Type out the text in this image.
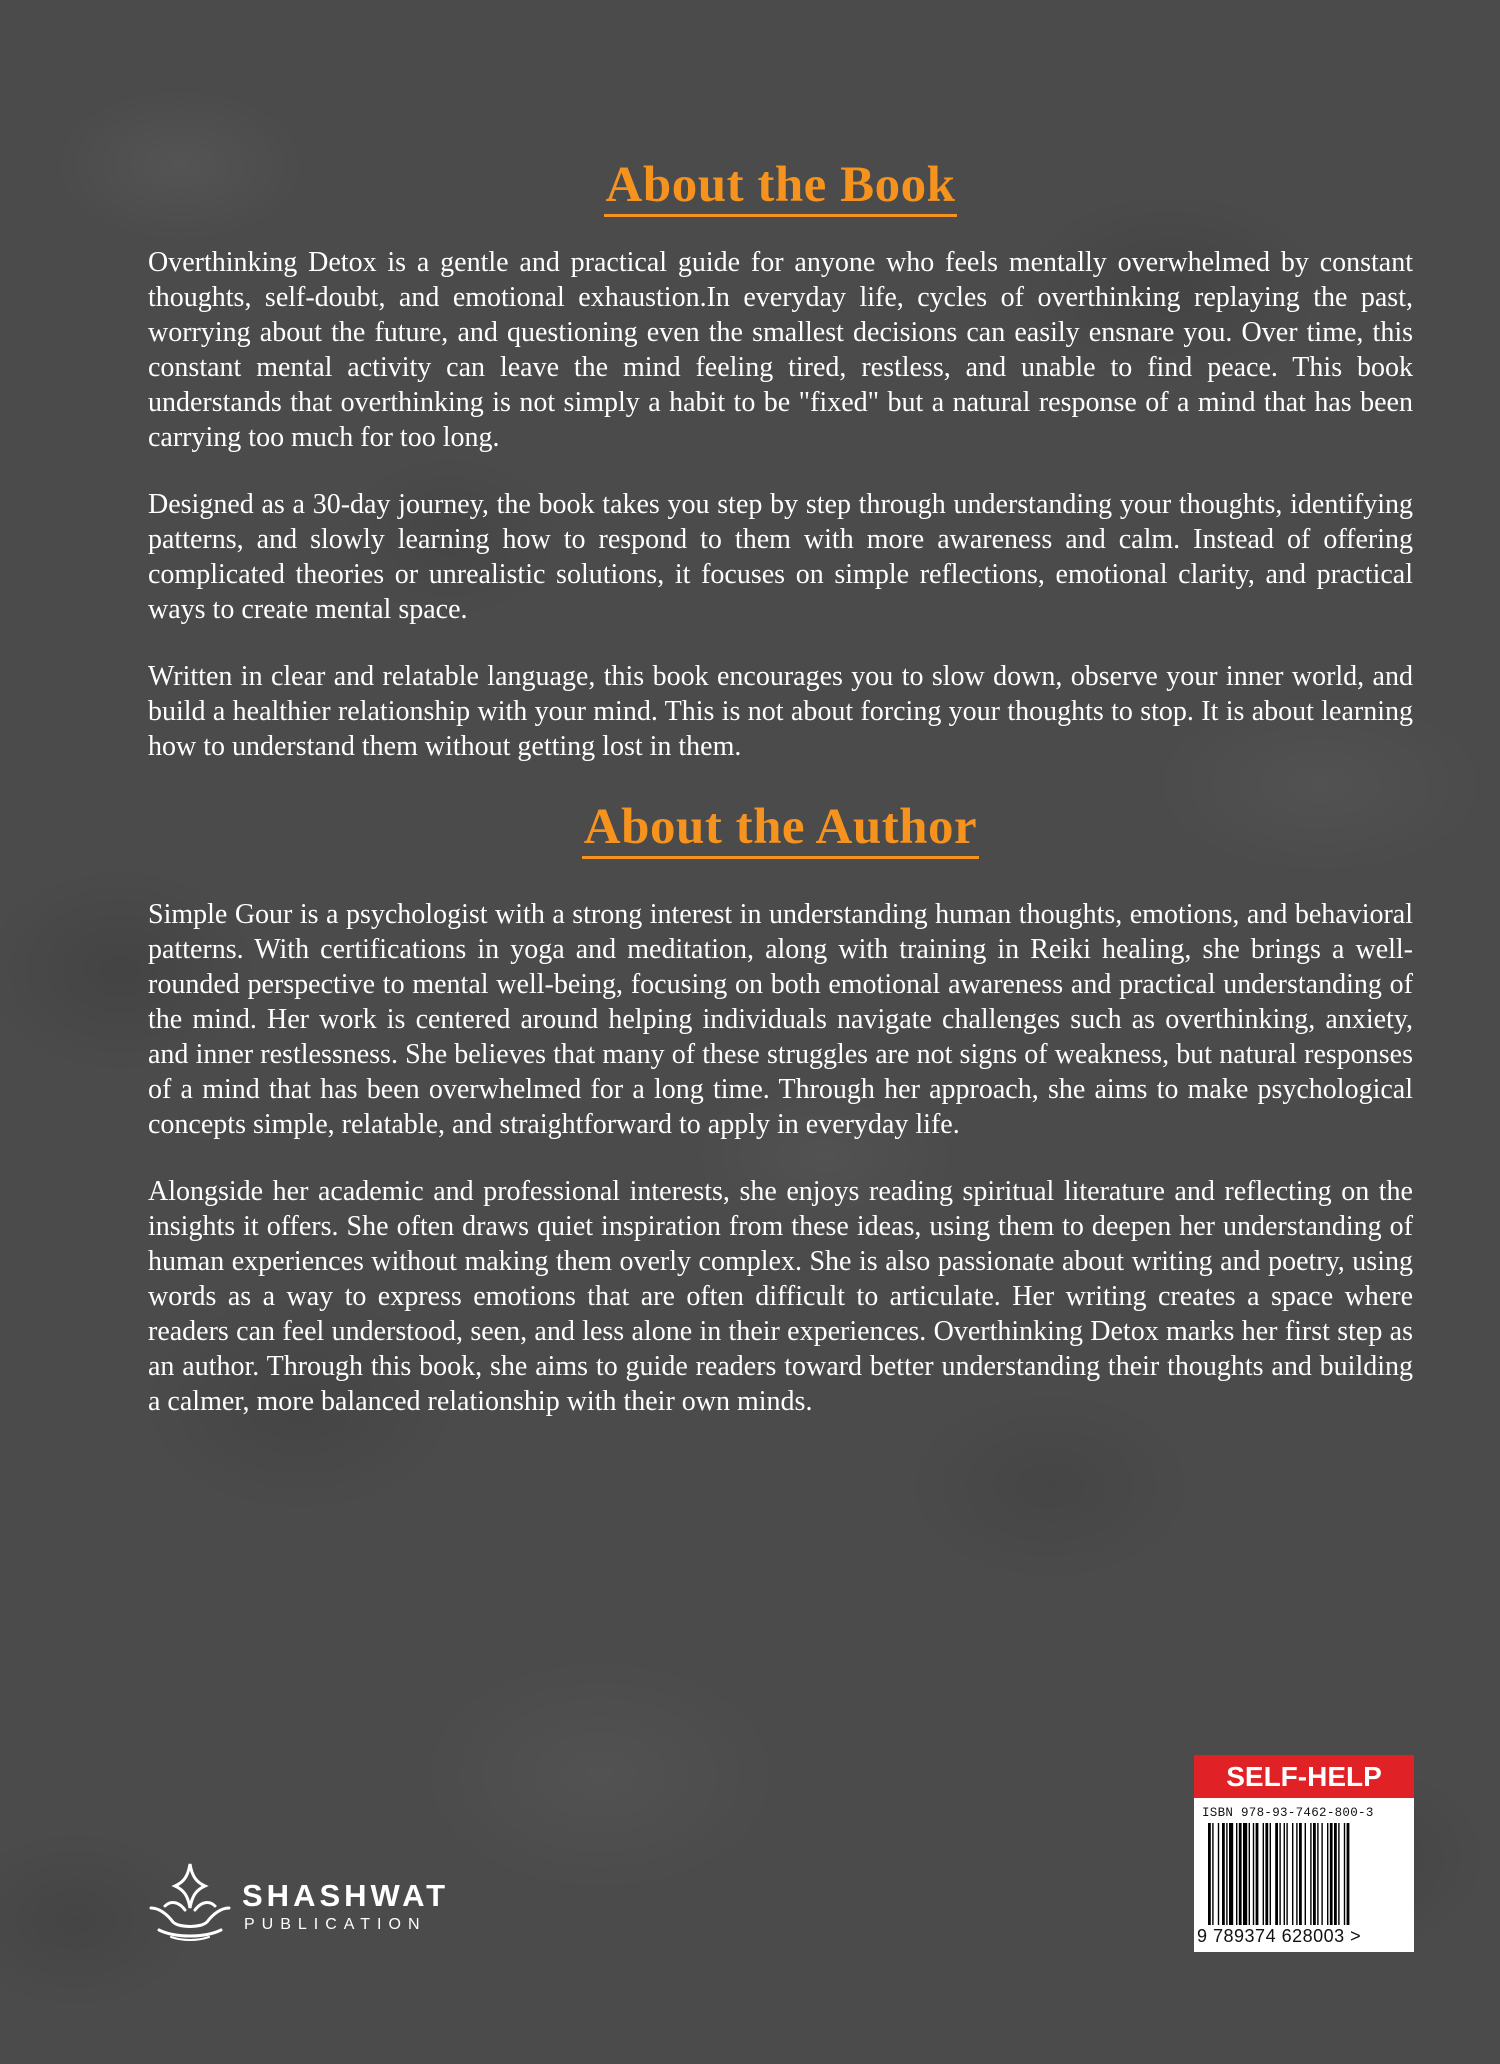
About the Book

Overthinking Detox is a gentle and practical guide for anyone who feels mentally overwhelmed by constant thoughts, self-doubt, and emotional exhaustion.In everyday life, cycles of overthinking replaying the past, worrying about the future, and questioning even the smallest decisions can easily ensnare you. Over time, this constant mental activity can leave the mind feeling tired, restless, and unable to find peace. This book understands that overthinking is not simply a habit to be "fixed" but a natural response of a mind that has been carrying too much for too long.

Designed as a 30-day journey, the book takes you step by step through understanding your thoughts, identifying patterns, and slowly learning how to respond to them with more awareness and calm. Instead of offering complicated theories or unrealistic solutions, it focuses on simple reflections, emotional clarity, and practical ways to create mental space.

Written in clear and relatable language, this book encourages you to slow down, observe your inner world, and build a healthier relationship with your mind. This is not about forcing your thoughts to stop. It is about learning how to understand them without getting lost in them.

About the Author

Simple Gour is a psychologist with a strong interest in understanding human thoughts, emotions, and behavioral patterns. With certifications in yoga and meditation, along with training in Reiki healing, she brings a well-rounded perspective to mental well-being, focusing on both emotional awareness and practical understanding of the mind. Her work is centered around helping individuals navigate challenges such as overthinking, anxiety, and inner restlessness. She believes that many of these struggles are not signs of weakness, but natural responses of a mind that has been overwhelmed for a long time. Through her approach, she aims to make psychological concepts simple, relatable, and straightforward to apply in everyday life.

Alongside her academic and professional interests, she enjoys reading spiritual literature and reflecting on the insights it offers. She often draws quiet inspiration from these ideas, using them to deepen her understanding of human experiences without making them overly complex. She is also passionate about writing and poetry, using words as a way to express emotions that are often difficult to articulate. Her writing creates a space where readers can feel understood, seen, and less alone in their experiences. Overthinking Detox marks her first step as an author. Through this book, she aims to guide readers toward better understanding their thoughts and building a calmer, more balanced relationship with their own minds.

SHASHWAT
PUBLICATION
SELF-HELP
ISBN 978-93-7462-800-3
9 789374 628003 >
